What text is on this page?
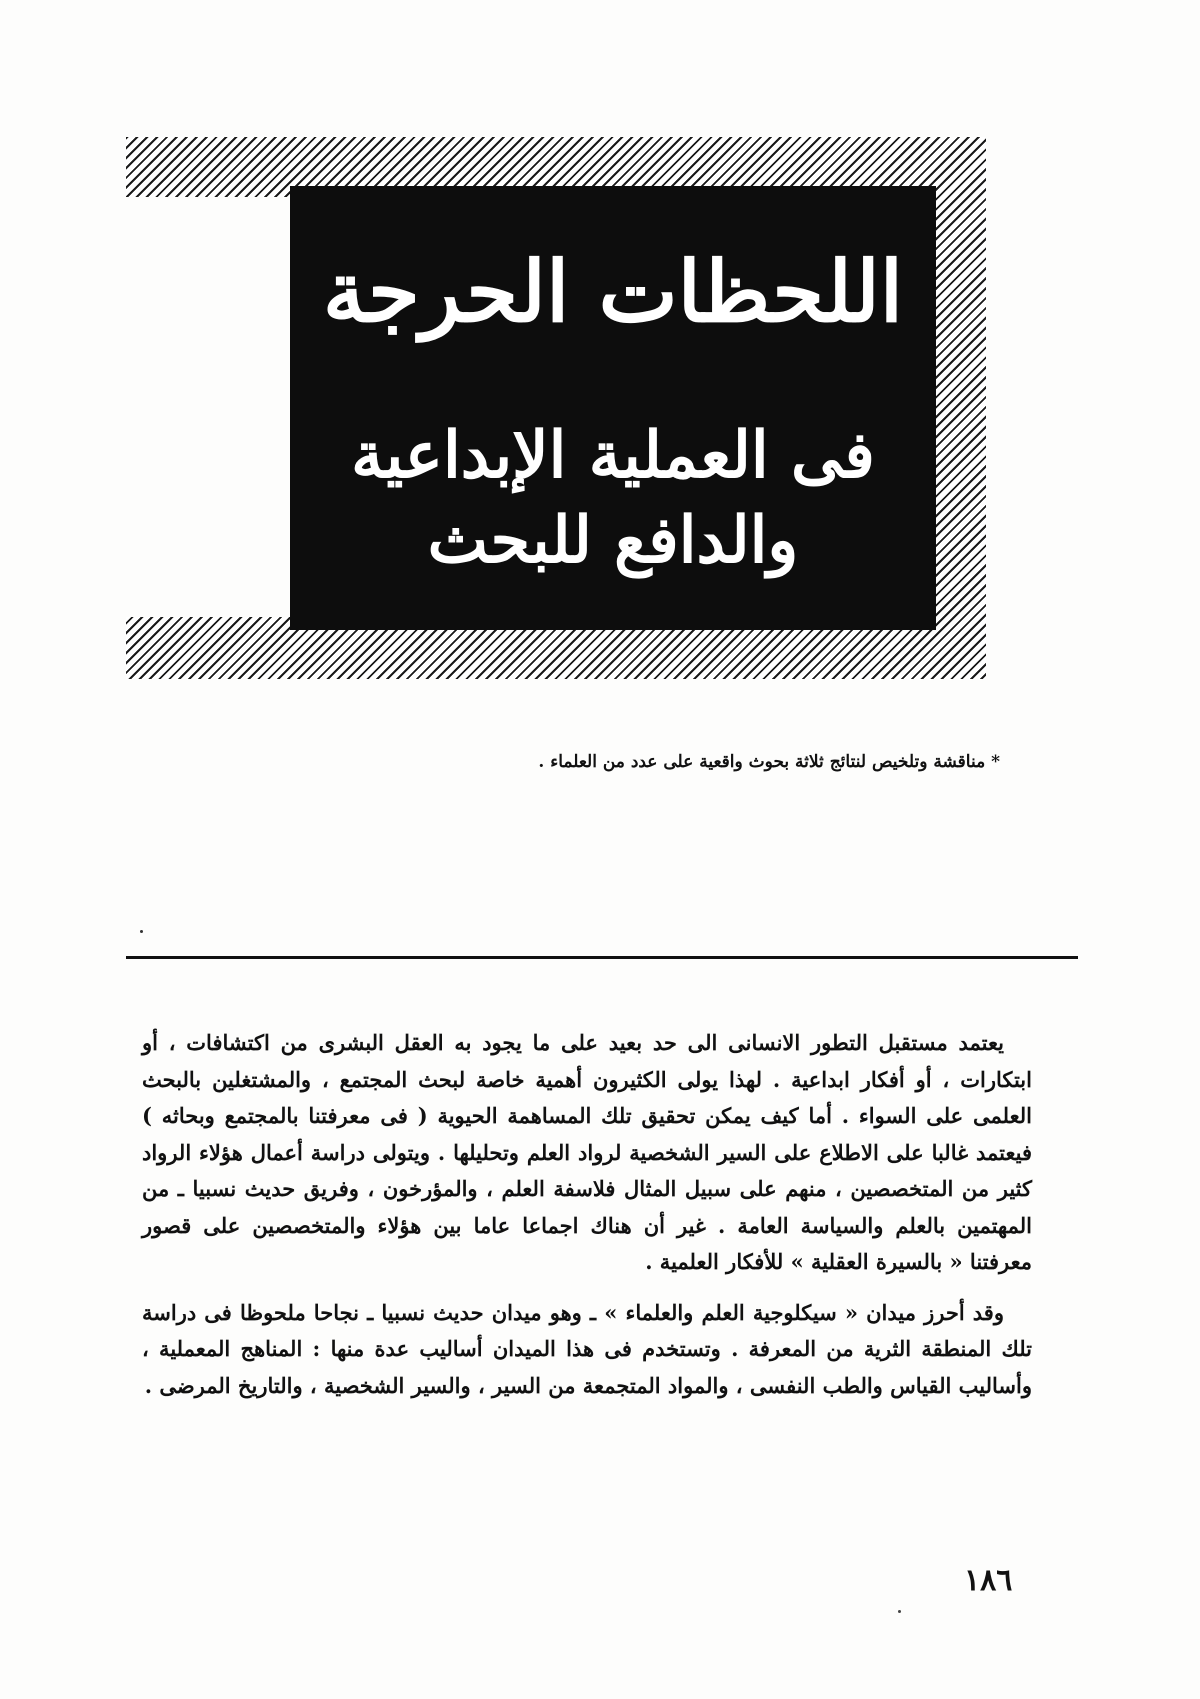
اللحظات الحرجة
فى العملية الإبداعية
والدافع للبحث
* مناقشة وتلخيص لنتائج ثلاثة بحوث واقعية على عدد من العلماء .

يعتمد مستقبل التطور الانسانى الى حد بعيد على ما يجود به العقل البشرى من اكتشافات ، أو ابتكارات ، أو أفكار ابداعية . لهذا يولى الكثيرون أهمية خاصة لبحث المجتمع ، والمشتغلين بالبحث العلمى على السواء . أما كيف يمكن تحقيق تلك المساهمة الحيوية ( فى معرفتنا بالمجتمع وبحاثه ) فيعتمد غالبا على الاطلاع على السير الشخصية لرواد العلم وتحليلها . ويتولى دراسة أعمال هؤلاء الرواد كثير من المتخصصين ، منهم على سبيل المثال فلاسفة العلم ، والمؤرخون ، وفريق حديث نسبيا ـ من المهتمين بالعلم والسياسة العامة . غير أن هناك اجماعا عاما بين هؤلاء والمتخصصين على قصور معرفتنا « بالسيرة العقلية » للأفكار العلمية .

وقد أحرز ميدان « سيكلوجية العلم والعلماء » ـ وهو ميدان حديث نسبيا ـ نجاحا ملحوظا فى دراسة تلك المنطقة الثرية من المعرفة . وتستخدم فى هذا الميدان أساليب عدة منها : المناهج المعملية ، وأساليب القياس والطب النفسى ، والمواد المتجمعة من السير ، والسير الشخصية ، والتاريخ المرضى .

١٨٦
